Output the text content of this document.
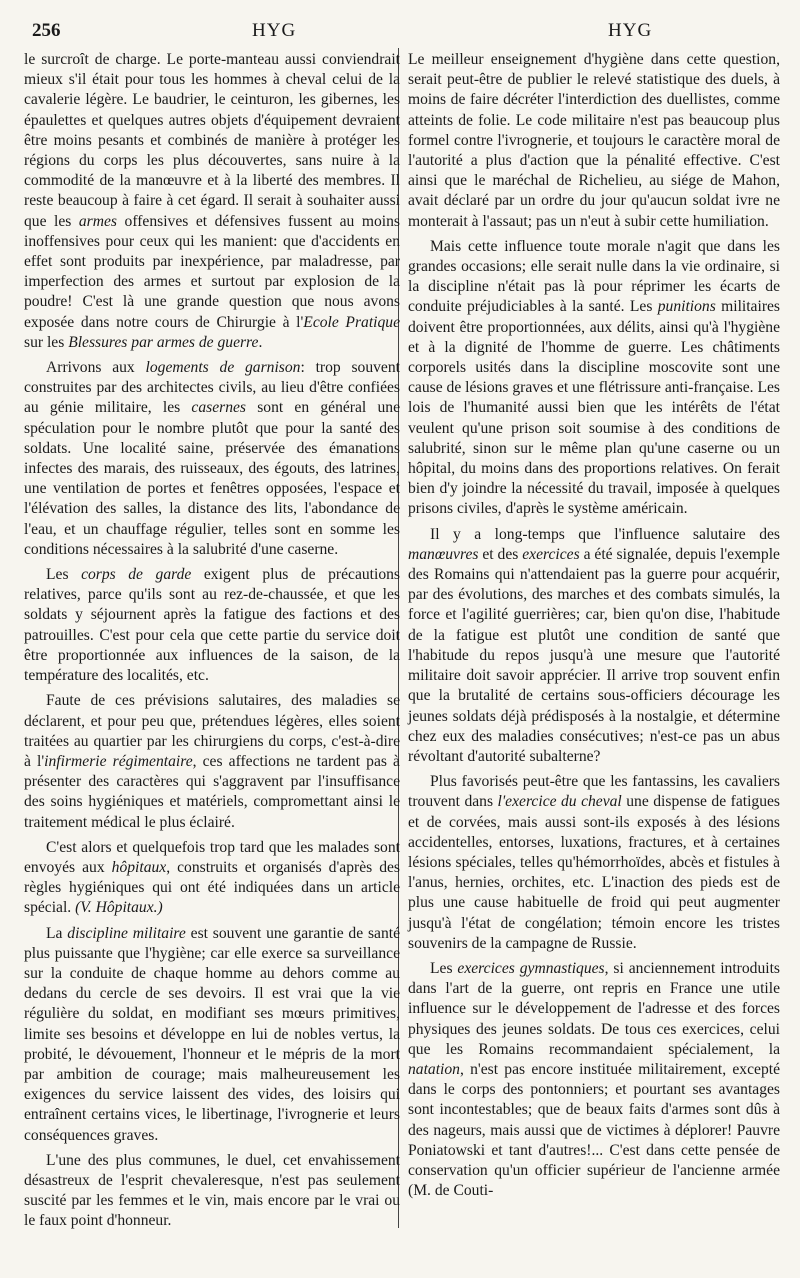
256	HYG	HYG

le surcroît de charge. Le porte-manteau aussi conviendrait mieux s'il était pour tous les hommes à cheval celui de la cavalerie légère. Le baudrier, le ceinturon, les gibernes, les épaulettes et quelques autres objets d'équipement devraient être moins pesants et combinés de manière à protéger les régions du corps les plus découvertes, sans nuire à la commodité de la manœuvre et à la liberté des membres. Il reste beaucoup à faire à cet égard. Il serait à souhaiter aussi que les armes offensives et défensives fussent au moins inoffensives pour ceux qui les manient: que d'accidents en effet sont produits par inexpérience, par maladresse, par imperfection des armes et surtout par explosion de la poudre! C'est là une grande question que nous avons exposée dans notre cours de Chirurgie à l'Ecole Pratique sur les Blessures par armes de guerre.

Arrivons aux logements de garnison: trop souvent construites par des architectes civils, au lieu d'être confiées au génie militaire, les casernes sont en général une spéculation pour le nombre plutôt que pour la santé des soldats. Une localité saine, préservée des émanations infectes des marais, des ruisseaux, des égouts, des latrines, une ventilation de portes et fenêtres opposées, l'espace et l'élévation des salles, la distance des lits, l'abondance de l'eau, et un chauffage régulier, telles sont en somme les conditions nécessaires à la salubrité d'une caserne.

Les corps de garde exigent plus de précautions relatives, parce qu'ils sont au rez-de-chaussée, et que les soldats y séjournent après la fatigue des factions et des patrouilles. C'est pour cela que cette partie du service doit être proportionnée aux influences de la saison, de la température des localités, etc.

Faute de ces prévisions salutaires, des maladies se déclarent, et pour peu que, prétendues légères, elles soient traitées au quartier par les chirurgiens du corps, c'est-à-dire à l'infirmerie régimentaire, ces affections ne tardent pas à présenter des caractères qui s'aggravent par l'insuffisance des soins hygiéniques et matériels, compromettant ainsi le traitement médical le plus éclairé.

C'est alors et quelquefois trop tard que les malades sont envoyés aux hôpitaux, construits et organisés d'après des règles hygiéniques qui ont été indiquées dans un article spécial. (V. Hôpitaux.)

La discipline militaire est souvent une garantie de santé plus puissante que l'hygiène; car elle exerce sa surveillance sur la conduite de chaque homme au dehors comme au dedans du cercle de ses devoirs. Il est vrai que la vie régulière du soldat, en modifiant ses mœurs primitives, limite ses besoins et développe en lui de nobles vertus, la probité, le dévouement, l'honneur et le mépris de la mort par ambition de courage; mais malheureusement les exigences du service laissent des vides, des loisirs qui entraînent certains vices, le libertinage, l'ivrognerie et leurs conséquences graves.

L'une des plus communes, le duel, cet envahissement désastreux de l'esprit chevaleresque, n'est pas seulement suscité par les femmes et le vin, mais encore par le vrai ou le faux point d'honneur.

Le meilleur enseignement d'hygiène dans cette question, serait peut-être de publier le relevé statistique des duels, à moins de faire décréter l'interdiction des duellistes, comme atteints de folie. Le code militaire n'est pas beaucoup plus formel contre l'ivrognerie, et toujours le caractère moral de l'autorité a plus d'action que la pénalité effective. C'est ainsi que le maréchal de Richelieu, au siége de Mahon, avait déclaré par un ordre du jour qu'aucun soldat ivre ne monterait à l'assaut; pas un n'eut à subir cette humiliation.

Mais cette influence toute morale n'agit que dans les grandes occasions; elle serait nulle dans la vie ordinaire, si la discipline n'était pas là pour réprimer les écarts de conduite préjudiciables à la santé. Les punitions militaires doivent être proportionnées, aux délits, ainsi qu'à l'hygiène et à la dignité de l'homme de guerre. Les châtiments corporels usités dans la discipline moscovite sont une cause de lésions graves et une flétrissure anti-française. Les lois de l'humanité aussi bien que les intérêts de l'état veulent qu'une prison soit soumise à des conditions de salubrité, sinon sur le même plan qu'une caserne ou un hôpital, du moins dans des proportions relatives. On ferait bien d'y joindre la nécessité du travail, imposée à quelques prisons civiles, d'après le système américain.

Il y a long-temps que l'influence salutaire des manœuvres et des exercices a été signalée, depuis l'exemple des Romains qui n'attendaient pas la guerre pour acquérir, par des évolutions, des marches et des combats simulés, la force et l'agilité guerrières; car, bien qu'on dise, l'habitude de la fatigue est plutôt une condition de santé que l'habitude du repos jusqu'à une mesure que l'autorité militaire doit savoir apprécier. Il arrive trop souvent enfin que la brutalité de certains sous-officiers décourage les jeunes soldats déjà prédisposés à la nostalgie, et détermine chez eux des maladies consécutives; n'est-ce pas un abus révoltant d'autorité subalterne?

Plus favorisés peut-être que les fantassins, les cavaliers trouvent dans l'exercice du cheval une dispense de fatigues et de corvées, mais aussi sont-ils exposés à des lésions accidentelles, entorses, luxations, fractures, et à certaines lésions spéciales, telles qu'hémorrhoïdes, abcès et fistules à l'anus, hernies, orchites, etc. L'inaction des pieds est de plus une cause habituelle de froid qui peut augmenter jusqu'à l'état de congélation; témoin encore les tristes souvenirs de la campagne de Russie.

Les exercices gymnastiques, si anciennement introduits dans l'art de la guerre, ont repris en France une utile influence sur le développement de l'adresse et des forces physiques des jeunes soldats. De tous ces exercices, celui que les Romains recommandaient spécialement, la natation, n'est pas encore instituée militairement, excepté dans le corps des pontonniers; et pourtant ses avantages sont incontestables; que de beaux faits d'armes sont dûs à des nageurs, mais aussi que de victimes à déplorer! Pauvre Poniatowski et tant d'autres!... C'est dans cette pensée de conservation qu'un officier supérieur de l'ancienne armée (M. de Couti-
